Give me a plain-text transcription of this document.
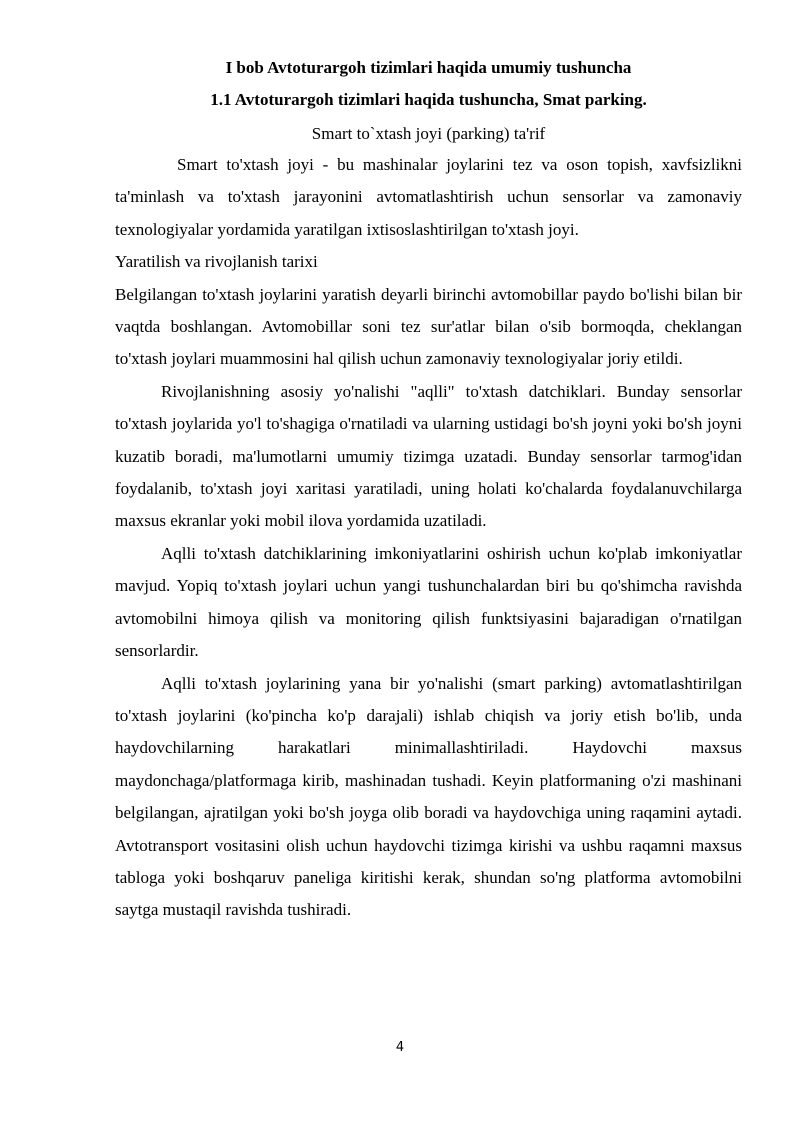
I bob Avtoturargoh tizimlari haqida umumiy tushuncha

1.1 Avtoturargoh tizimlari haqida tushuncha, Smat parking.

Smart to`xtash joyi (parking) ta'rif

Smart to'xtash joyi - bu mashinalar joylarini tez va oson topish, xavfsizlikni ta'minlash va to'xtash jarayonini avtomatlashtirish uchun sensorlar va zamonaviy texnologiyalar yordamida yaratilgan ixtisoslashtirilgan to'xtash joyi.

Yaratilish va rivojlanish tarixi

Belgilangan to'xtash joylarini yaratish deyarli birinchi avtomobillar paydo bo'lishi bilan bir vaqtda boshlangan. Avtomobillar soni tez sur'atlar bilan o'sib bormoqda, cheklangan to'xtash joylari muammosini hal qilish uchun zamonaviy texnologiyalar joriy etildi.

Rivojlanishning asosiy yo'nalishi "aqlli" to'xtash datchiklari. Bunday sensorlar to'xtash joylarida yo'l to'shagiga o'rnatiladi va ularning ustidagi bo'sh joyni yoki bo'sh joyni kuzatib boradi, ma'lumotlarni umumiy tizimga uzatadi. Bunday sensorlar tarmog'idan foydalanib, to'xtash joyi xaritasi yaratiladi, uning holati ko'chalarda foydalanuvchilarga maxsus ekranlar yoki mobil ilova yordamida uzatiladi.

Aqlli to'xtash datchiklarining imkoniyatlarini oshirish uchun ko'plab imkoniyatlar mavjud. Yopiq to'xtash joylari uchun yangi tushunchalardan biri bu qo'shimcha ravishda avtomobilni himoya qilish va monitoring qilish funktsiyasini bajaradigan o'rnatilgan sensorlardir.

Aqlli to'xtash joylarining yana bir yo'nalishi (smart parking) avtomatlashtirilgan to'xtash joylarini (ko'pincha ko'p darajali) ishlab chiqish va joriy etish bo'lib, unda haydovchilarning harakatlari minimallashtiriladi. Haydovchi maxsus maydonchaga/platformaga kirib, mashinadan tushadi. Keyin platformaning o'zi mashinani belgilangan, ajratilgan yoki bo'sh joyga olib boradi va haydovchiga uning raqamini aytadi. Avtotransport vositasini olish uchun haydovchi tizimga kirishi va ushbu raqamni maxsus tabloga yoki boshqaruv paneliga kiritishi kerak, shundan so'ng platforma avtomobilni saytga mustaqil ravishda tushiradi.

4
